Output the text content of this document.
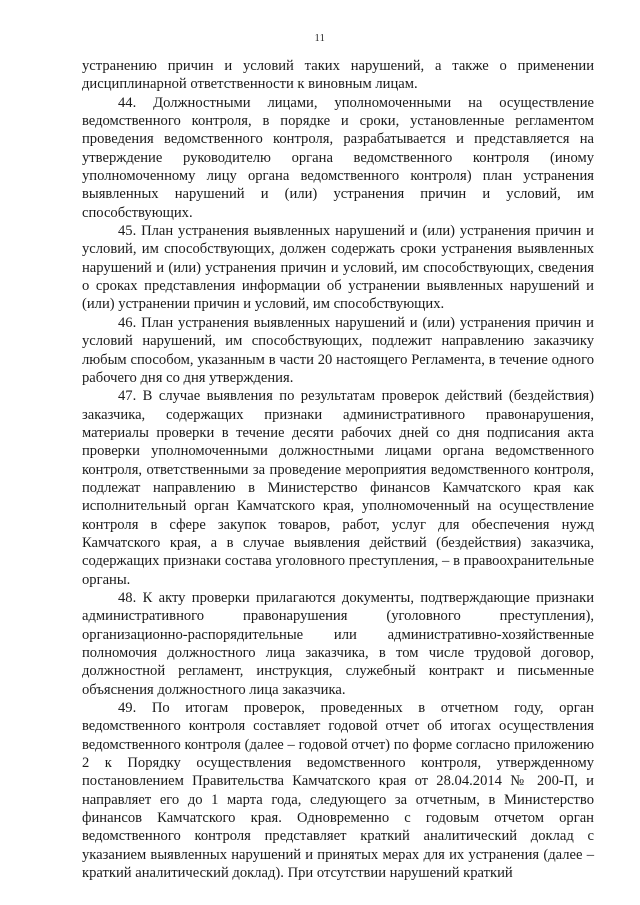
11

устранению причин и условий таких нарушений, а также о применении дисциплинарной ответственности к виновным лицам.

44. Должностными лицами, уполномоченными на осуществление ведомственного контроля, в порядке и сроки, установленные регламентом проведения ведомственного контроля, разрабатывается и представляется на утверждение руководителю органа ведомственного контроля (иному уполномоченному лицу органа ведомственного контроля) план устранения выявленных нарушений и (или) устранения причин и условий, им способствующих.

45. План устранения выявленных нарушений и (или) устранения причин и условий, им способствующих, должен содержать сроки устранения выявленных нарушений и (или) устранения причин и условий, им способствующих, сведения о сроках представления информации об устранении выявленных нарушений и (или) устранении причин и условий, им способствующих.

46. План устранения выявленных нарушений и (или) устранения причин и условий нарушений, им способствующих, подлежит направлению заказчику любым способом, указанным в части 20 настоящего Регламента, в течение одного рабочего дня со дня утверждения.

47. В случае выявления по результатам проверок действий (бездействия) заказчика, содержащих признаки административного правонарушения, материалы проверки в течение десяти рабочих дней со дня подписания акта проверки уполномоченными должностными лицами органа ведомственного контроля, ответственными за проведение мероприятия ведомственного контроля, подлежат направлению в Министерство финансов Камчатского края как исполнительный орган Камчатского края, уполномоченный на осуществление контроля в сфере закупок товаров, работ, услуг для обеспечения нужд Камчатского края, а в случае выявления действий (бездействия) заказчика, содержащих признаки состава уголовного преступления, – в правоохранительные органы.

48. К акту проверки прилагаются документы, подтверждающие признаки административного правонарушения (уголовного преступления), организационно-распорядительные или административно-хозяйственные полномочия должностного лица заказчика, в том числе трудовой договор, должностной регламент, инструкция, служебный контракт и письменные объяснения должностного лица заказчика.

49. По итогам проверок, проведенных в отчетном году, орган ведомственного контроля составляет годовой отчет об итогах осуществления ведомственного контроля (далее – годовой отчет) по форме согласно приложению 2 к Порядку осуществления ведомственного контроля, утвержденному постановлением Правительства Камчатского края от 28.04.2014 № 200-П, и направляет его до 1 марта года, следующего за отчетным, в Министерство финансов Камчатского края. Одновременно с годовым отчетом орган ведомственного контроля представляет краткий аналитический доклад с указанием выявленных нарушений и принятых мерах для их устранения (далее – краткий аналитический доклад). При отсутствии нарушений краткий
